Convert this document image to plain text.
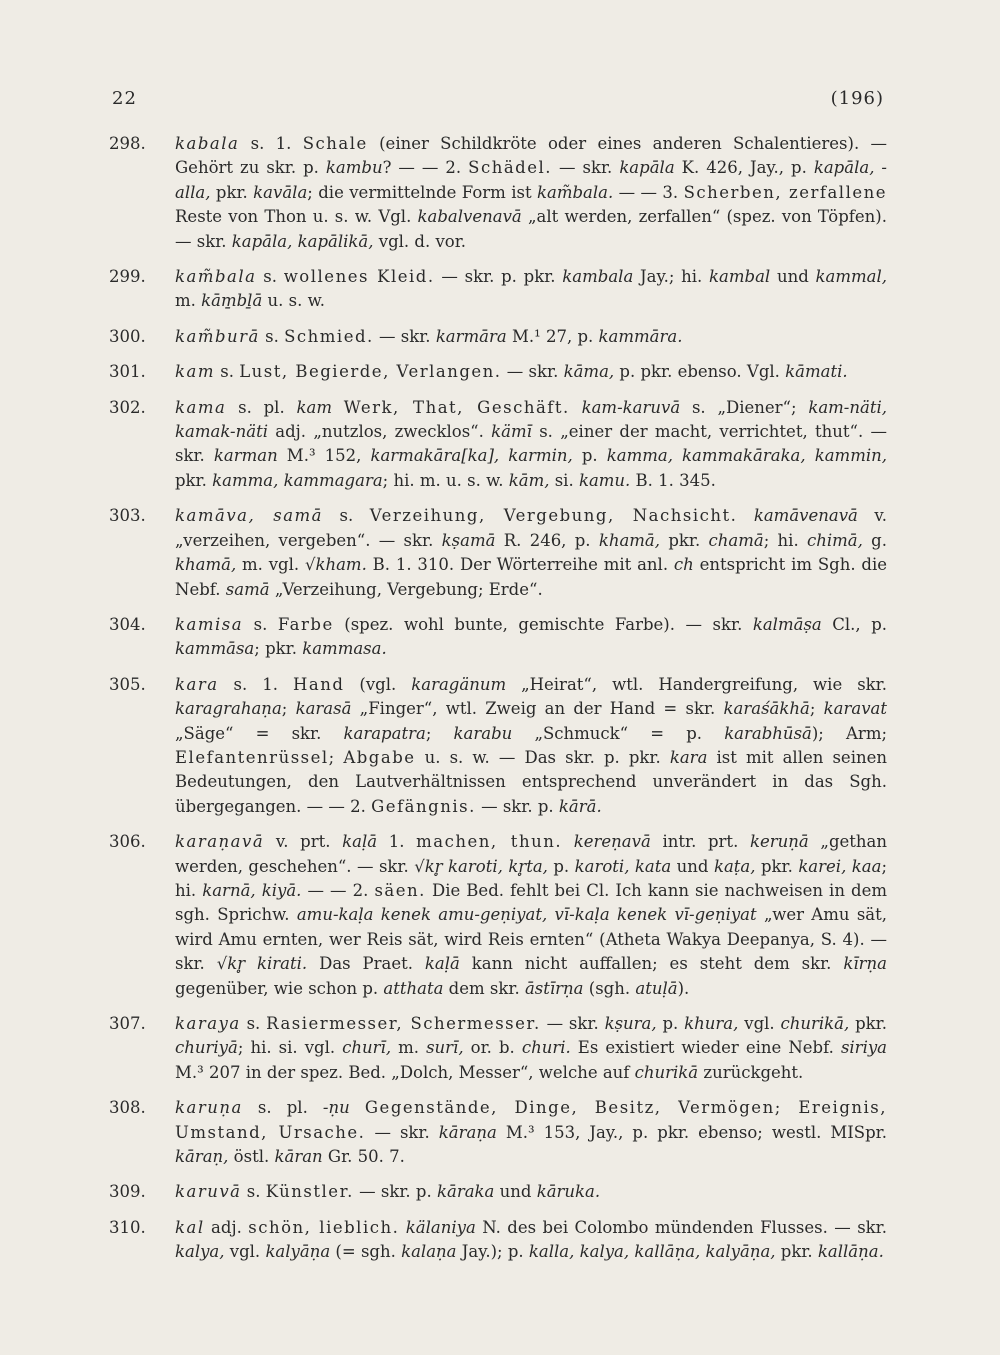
22	(196)
298. kabala s. 1. Schale (einer Schildkröte oder eines anderen Schalentieres). — Gehört zu skr. p. kambu? — — 2. Schädel. — skr. kapāla K. 426, Jay., p. kapāla, -alla, pkr. kavāla; die vermittelnde Form ist kam̃bala. — — 3. Scherben, zerfallene Reste von Thon u. s. w. Vgl. kabalvenavā „alt werden, zerfallen“ (spez. von Töpfen). — skr. kapāla, kapālikā, vgl. d. vor.
299. kam̃bala s. wollenes Kleid. — skr. p. pkr. kambala Jay.; hi. kambal und kammal, m. kām̱bḻā u. s. w.
300. kam̃burā s. Schmied. — skr. karmāra M.¹ 27, p. kammāra.
301. kam s. Lust, Begierde, Verlangen. — skr. kāma, p. pkr. ebenso. Vgl. kāmati.
302. kama s. pl. kam Werk, That, Geschäft. kam-karuvā s. „Diener“; kam-näti, kamak-näti adj. „nutzlos, zwecklos“. kämī s. „einer der macht, verrichtet, thut“. — skr. karman M.³ 152, karmakāra[ka], karmin, p. kamma, kammakāraka, kammin, pkr. kamma, kammagara; hi. m. u. s. w. kām, si. kamu. B. 1. 345.
303. kamāva, samā s. Verzeihung, Vergebung, Nachsicht. kamāvenavā v. „verzeihen, vergeben“. — skr. kṣamā R. 246, p. khamā, pkr. chamā; hi. chimā, g. khamā, m. vgl. √kham. B. 1. 310. Der Wörterreihe mit anl. ch entspricht im Sgh. die Nebf. samā „Verzeihung, Vergebung; Erde“.
304. kamisa s. Farbe (spez. wohl bunte, gemischte Farbe). — skr. kalmāṣa Cl., p. kammāsa; pkr. kammasa.
305. kara s. 1. Hand (vgl. karagänum „Heirat“, wtl. Handergreifung, wie skr. karagrahaṇa; karasā „Finger“, wtl. Zweig an der Hand = skr. karaśākhā; karavat „Säge“ = skr. karapatra; karabu „Schmuck“ = p. karabhūsā); Arm; Elefantenrüssel; Abgabe u. s. w. — Das skr. p. pkr. kara ist mit allen seinen Bedeutungen, den Lautverhältnissen entsprechend unverändert in das Sgh. übergegangen. — — 2. Gefängnis. — skr. p. kārā.
306. karaṇavā v. prt. kaḷā 1. machen, thun. kereṇavā intr. prt. keruṇā „gethan werden, geschehen“. — skr. √kr̥ karoti, kr̥ta, p. karoti, kata und kaṭa, pkr. karei, kaa; hi. karnā, kiyā. — — 2. säen. Die Bed. fehlt bei Cl. Ich kann sie nachweisen in dem sgh. Sprichw. amu-kaḷa kenek amu-geṇiyat, vī-kaḷa kenek vī-geṇiyat „wer Amu sät, wird Amu ernten, wer Reis sät, wird Reis ernten“ (Atheta Wakya Deepanya, S. 4). — skr. √kr̥ kirati. Das Praet. kaḷā kann nicht auffallen; es steht dem skr. kīrṇa gegenüber, wie schon p. atthata dem skr. āstīrṇa (sgh. atuḷā).
307. karaya s. Rasiermesser, Schermesser. — skr. kṣura, p. khura, vgl. churikā, pkr. churiyā; hi. si. vgl. churī, m. surī, or. b. churi. Es existiert wieder eine Nebf. siriya M.³ 207 in der spez. Bed. „Dolch, Messer“, welche auf churikā zurückgeht.
308. karuṇa s. pl. -ṇu Gegenstände, Dinge, Besitz, Vermögen; Ereignis, Umstand, Ursache. — skr. kāraṇa M.³ 153, Jay., p. pkr. ebenso; westl. MISpr. kāraṇ, östl. kāran Gr. 50. 7.
309. karuvā s. Künstler. — skr. p. kāraka und kāruka.
310. kal adj. schön, lieblich. kälaniya N. des bei Colombo mündenden Flusses. — skr. kalya, vgl. kalyāṇa (= sgh. kalaṇa Jay.); p. kalla, kalya, kallāṇa, kalyāṇa, pkr. kallāṇa.
